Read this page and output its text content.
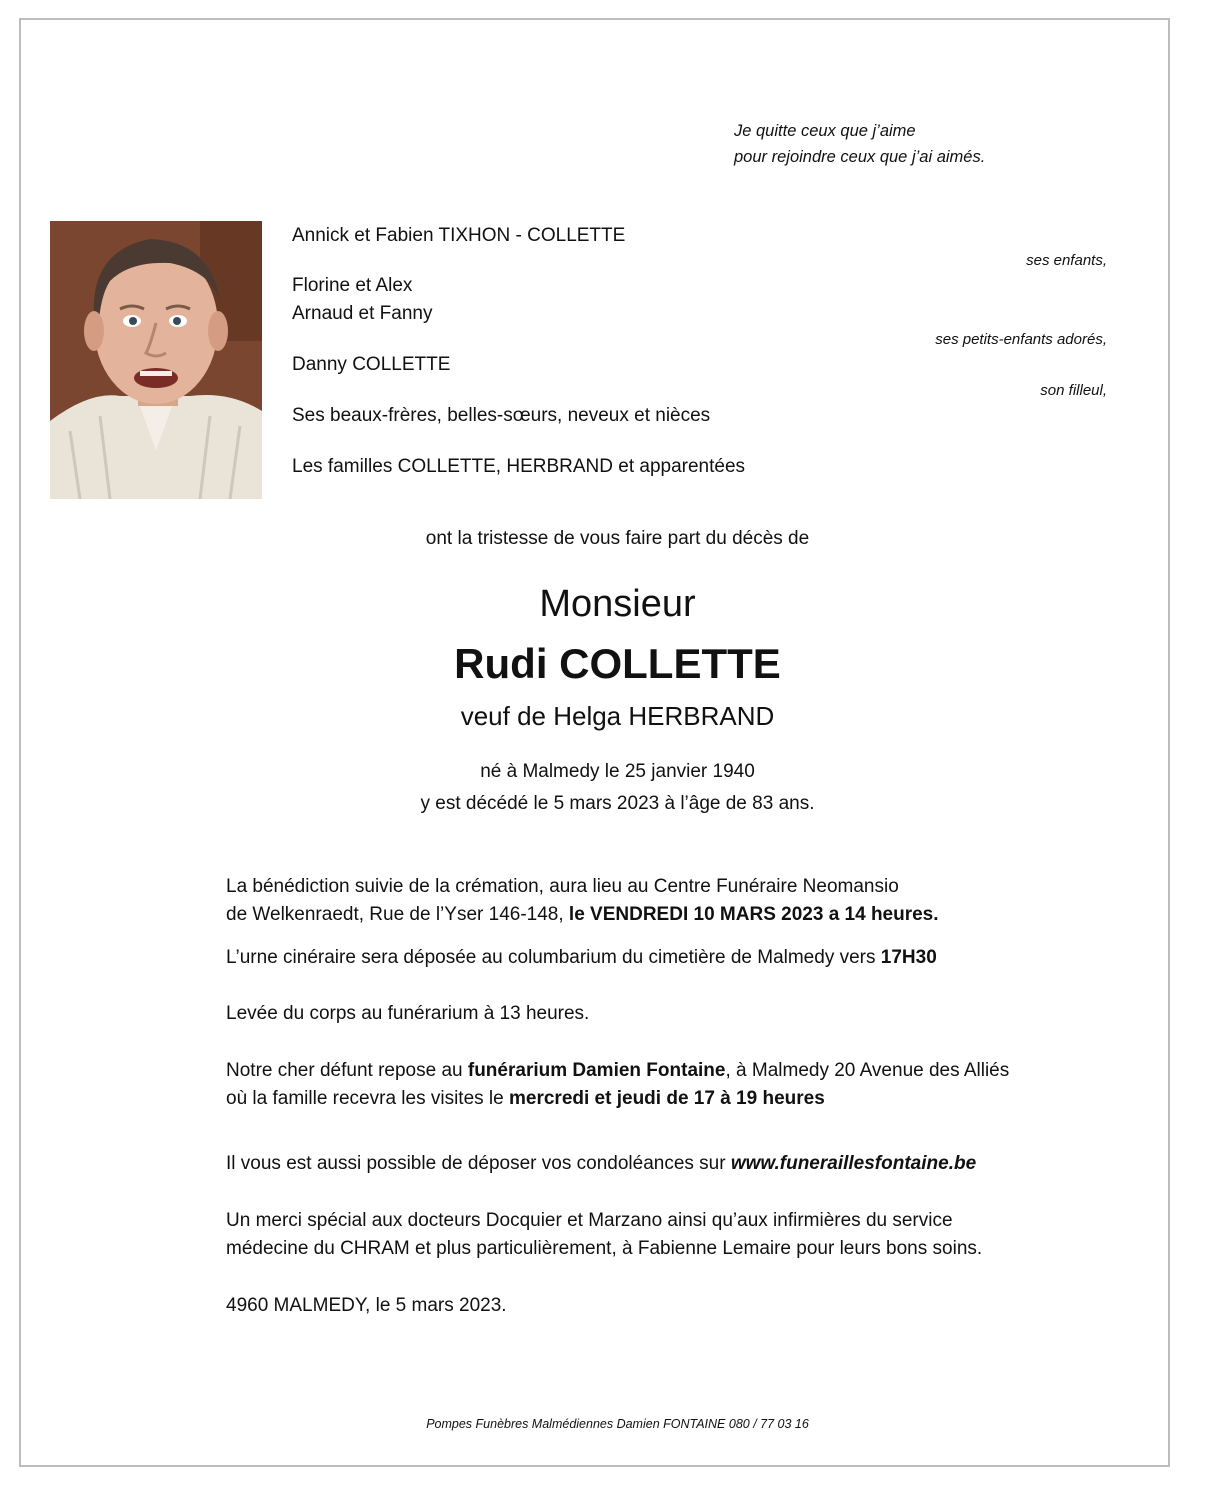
Je quitte ceux que j’aime
pour rejoindre ceux que j’ai aimés.
Annick et Fabien TIXHON - COLLETTE
ses enfants,
Florine et Alex
Arnaud et Fanny
ses petits-enfants adorés,
Danny COLLETTE
son filleul,
Ses beaux-frères, belles-sœurs, neveux et nièces
Les familles COLLETTE, HERBRAND et apparentées
ont la tristesse de vous faire part du décès de
Monsieur
Rudi COLLETTE
veuf de Helga HERBRAND
né à Malmedy le 25 janvier 1940
y est décédé le 5 mars 2023 à l’âge de 83 ans.
La bénédiction suivie de la crémation, aura lieu au Centre Funéraire Neomansio
de Welkenraedt, Rue de l’Yser 146-148, le VENDREDI 10 MARS 2023 a 14 heures.
L’urne cinéraire sera déposée au columbarium du cimetière de Malmedy vers 17H30
Levée du corps au funérarium à 13 heures.
Notre cher défunt repose au funérarium Damien Fontaine, à Malmedy 20 Avenue des Alliés
où la famille recevra les visites le mercredi et jeudi de 17 à 19 heures
Il vous est aussi possible de déposer vos condoléances sur www.funeraillesfontaine.be
Un merci spécial aux docteurs Docquier et Marzano ainsi qu’aux infirmières du service
médecine du CHRAM et plus particulièrement, à Fabienne Lemaire pour leurs bons soins.
4960 MALMEDY, le 5 mars 2023.
Pompes Funèbres Malmédiennes Damien FONTAINE 080 / 77 03 16
